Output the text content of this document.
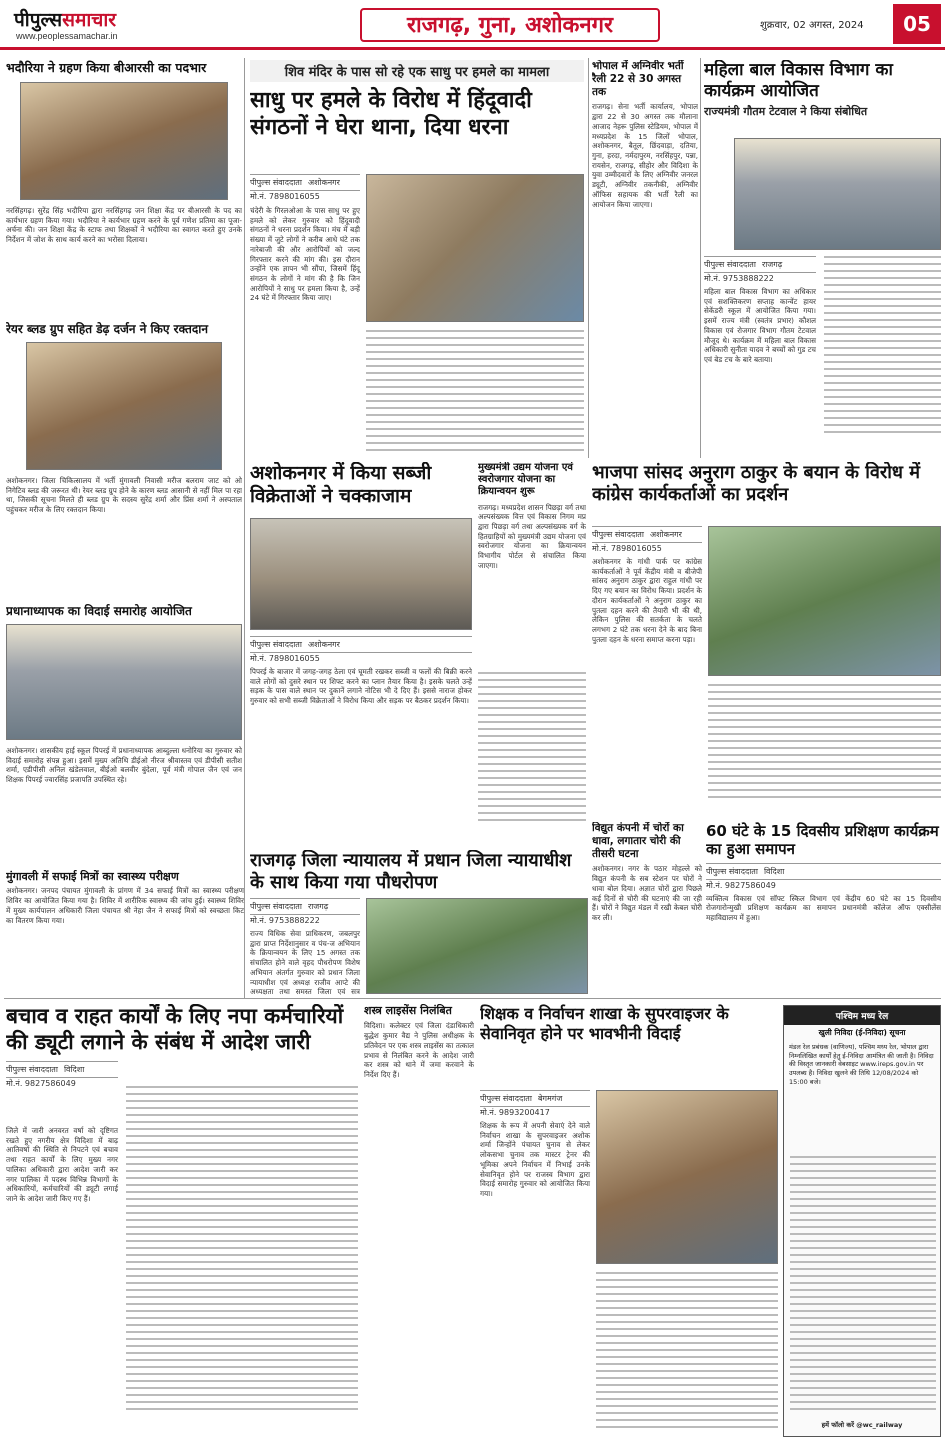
पीपुल्ससमाचार
www.peoplessamachar.in	राजगढ़, गुना, अशोकनगर	शुक्रवार, 02 अगस्त, 2024	05
भदौरिया ने ग्रहण किया बीआरसी का पदभार
नरसिंहगढ़। सुरेंद्र सिंह भदौरिया द्वारा नरसिंहगढ़ जन शिक्षा केंद्र पर बीआरसी के पद का कार्यभार ग्रहण किया गया। भदौरिया ने कार्यभार ग्रहण करने के पूर्व गणेश प्रतिमा का पूजा-अर्चना की। जन शिक्षा केंद्र के स्टाफ तथा शिक्षकों ने भदौरिया का स्वागत करते हुए उनके निर्देशन में जोश के साथ कार्य करने का भरोसा दिलाया।
शिव मंदिर के पास सो रहे एक साधु पर हमले का मामला
साधु पर हमले के विरोध में हिंदूवादी संगठनों ने घेरा थाना, दिया धरना
पीपुल्स संवाददाता अशोकनगर
मो.नं. 7898016055
चंदेरी के गिरलओआ के पास साधु पर हुए हमले को लेकर गुरुवार को हिंदूवादी संगठनों ने धरना प्रदर्शन किया। मंच में बड़ी संख्या में जुटे लोगों ने करीब आधे घंटे तक नारेबाजी की और आरोपियों को जल्द गिरफ्तार करने की मांग की। इस दौरान उन्होंने एक ज्ञापन भी सौंपा, जिसमें हिंदू संगठन के लोगों ने मांग की है कि जिन आरोपियों ने साधु पर हमला किया है, उन्हें 24 घंटे में गिरफ्तार किया जाए।
भोपाल में अग्निवीर भर्ती रैली 22 से 30 अगस्त तक
राजगढ़। सेना भर्ती कार्यालय, भोपाल द्वारा 22 से 30 अगस्त तक मौलाना आजाद नेहरू पुलिस स्टेडियम, भोपाल में मध्यप्रदेश के 15 जिलों भोपाल, अशोकनगर, बैतूल, छिंदवाड़ा, दतिया, गुना, हरदा, नर्मदापुरम, नरसिंहपुर, पन्ना, रायसेन, राजगढ़, सीहोर और विदिशा के युवा उम्मीदवारों के लिए अग्निवीर जनरल ड्यूटी, अग्निवीर तकनीकी, अग्निवीर ऑफिस सहायक की भर्ती रैली का आयोजन किया जाएगा।
महिला बाल विकास विभाग का कार्यक्रम आयोजित
राज्यमंत्री गौतम टेटवाल ने किया संबोधित
पीपुल्स संवाददाता राजगढ़
मो.नं. 9753888222
महिला बाल विकास विभाग का अधिकार एवं सशक्तिकरण सप्ताह कान्वेंट हायर सेकेंडरी स्कूल में आयोजित किया गया। इसमें राज्य मंत्री (स्वतंत्र प्रभार) कौशल विकास एवं रोजगार विभाग गौतम टेटवाल मौजूद थे। कार्यक्रम में महिला बाल विकास अधिकारी सुनीता यादव ने बच्चों को गुड टच एवं बेड टच के बारे बताया।
रेयर ब्लड ग्रुप सहित डेढ़ दर्जन ने किए रक्तदान
अशोकनगर। जिला चिकित्सालय में भर्ती मुंगावली निवासी मरीज बलराम जाट को ओ निगेटिव ब्लड की जरूरत थी। रेयर ब्लड ग्रुप होने के कारण ब्लड आसानी से नहीं मिल पा रहा था, जिसकी सूचना मिलते ही ब्लड ग्रुप के सदस्य सुरेंद्र शर्मा और प्रिंस शर्मा ने अस्पताल पहुंचकर मरीज के लिए रक्तदान किया।
अशोकनगर में किया सब्जी विक्रेताओं ने चक्काजाम
पीपुल्स संवाददाता अशोकनगर
मो.नं. 7898016055
पिपरई के बाजार में जगह-जगह ठेला एवं घूमती रखकर सब्जी व फलों की बिक्री करने वाले लोगों को दुसरे स्थान पर शिफ्ट करने का प्लान तैयार किया है। इसके चलते उन्हें सड़क के पास वाले स्थान पर दुकानें लगाने नोटिस भी दे दिए हैं। इससे नाराज होकर गुरुवार को सभी सब्जी विक्रेताओं ने विरोध किया और सड़क पर बैठकर प्रदर्शन किया।
मुख्यमंत्री उद्यम योजना एवं स्वरोजगार योजना का क्रियान्वयन शुरू
राजगढ़। मध्यप्रदेश शासन पिछड़ा वर्ग तथा अल्पसंख्यक वित्त एवं विकास निगम मप्र द्वारा पिछड़ा वर्ग तथा अल्पसंख्यक वर्ग के हितग्राहियों को मुख्यमंत्री उद्यम योजना एवं स्वरोजगार योजना का क्रियान्वयन विभागीय पोर्टल से संचालित किया जाएगा।
भाजपा सांसद अनुराग ठाकुर के बयान के विरोध में कांग्रेस कार्यकर्ताओं का प्रदर्शन
पीपुल्स संवाददाता अशोकनगर
मो.नं. 7898016055
अशोकनगर के गांधी पार्क पर कांग्रेस कार्यकर्ताओं ने पूर्व केंद्रीय मंत्री व बीजेपी सांसद अनुराग ठाकुर द्वारा राहुल गांधी पर दिए गए बयान का विरोध किया। प्रदर्शन के दौरान कार्यकर्ताओं ने अनुराग ठाकुर का पुतला दहन करने की तैयारी भी की थी, लेकिन पुलिस की सतर्कता के चलते लगभग 2 घंटे तक धरना देने के बाद बिना पुतला दहन के धरना समाप्त करना पड़ा।
प्रधानाध्यापक का विदाई समारोह आयोजित
अशोकनगर। शासकीय हाई स्कूल पिपरई में प्रधानाध्यापक आब्दुल्ला धनोरिया का गुरुवार को विदाई समारोह संपन्न हुआ। इसमें मुख्य अतिथि डीईओ नीरज श्रीवास्तव एवं डीपीसी सतीश शर्मा, एडीपीसी अनिल खंडेलवाल, बीईओ बलवीर बुंदेला, पूर्व मंत्री गोपाल जैन एवं जन शिक्षक पिपरई ज्वारसिंह प्रजापति उपस्थित रहे।
राजगढ़ जिला न्यायालय में प्रधान जिला न्यायाधीश के साथ किया गया पौधरोपण
पीपुल्स संवाददाता राजगढ़
मो.नं. 9753888222
राज्य विधिक सेवा प्राधिकरण, जबलपुर द्वारा प्राप्त निर्देशानुसार व पंच-ज अभियान के क्रियान्वयन के लिए 15 अगस्त तक संचालित होने वाले वृहद पौधरोपण विशेष अभियान अंतर्गत गुरुवार को प्रधान जिला न्यायाधीश एवं अध्यक्ष राजीव आप्टे की अध्यक्षता तथा समस्त जिला एवं सत्र
विद्युत कंपनी में चोरों का धावा, लगातार चोरी की तीसरी घटना
अशोकनगर। नगर के पठार मोहल्ले को विद्युत कंपनी के सब स्टेशन पर चोरों ने धावा बोल दिया। अज्ञात चोरों द्वारा पिछले कई दिनों से चोरी की घटनाएं की जा रही हैं। चोरों ने विद्युत मंडल में रखी केबल चोरी कर ली।
60 घंटे के 15 दिवसीय प्रशिक्षण कार्यक्रम का हुआ समापन
पीपुल्स संवाददाता विदिशा
मो.नं. 9827586049
व्यक्तित्व विकास एवं सॉफ्ट स्किल विभाग एवं केंद्रीय 60 घंटे का 15 दिवसीय रोजगारोन्मुखी प्रशिक्षण कार्यक्रम का समापन प्रधानमंत्री कॉलेज ऑफ एक्सीलेंस महाविद्यालय में हुआ।
मुंगावली में सफाई मित्रों का स्वास्थ्य परीक्षण
अशोकनगर। जनपद पंचायत मुंगावली के प्रांगण में 34 सफाई मित्रों का स्वास्थ्य परीक्षण शिविर का आयोजित किया गया है। शिविर में शारीरिक स्वास्थ्य की जांच हुई। स्वास्थ्य शिविर में मुख्य कार्यपालन अधिकारी जिला पंचायत श्री नेहा जैन ने सफाई मित्रों को स्वच्छता किट का वितरण किया गया।
बचाव व राहत कार्यों के लिए नपा कर्मचारियों की ड्यूटी लगाने के संबंध में आदेश जारी
पीपुल्स संवाददाता विदिशा
मो.नं. 9827586049
जिले में जारी अनवरत वर्षा को दृष्टिगत रखते हुए नगरीय क्षेत्र विदिशा में बाढ़ आतिवर्षा की स्थिति से निपटने एवं बचाव तथा राहत कार्यों के लिए मुख्य नगर पालिका अधिकारी द्वारा आदेश जारी कर नगर पालिका में पदस्थ विभिन्न विभागों के अधिकारियों, कर्मचारियों की ड्यूटी लगाई जाने के आदेश जारी किए गए हैं।
शस्त्र लाइसेंस निलंबित
विदिशा। कलेक्टर एवं जिला दंडाधिकारी बुद्धेश कुमार वैद्य ने पुलिस अधीक्षक के प्रतिवेदन पर एक शस्त्र लाइसेंस का तत्काल प्रभाव से निलंबित करने के आदेश जारी कर शस्त्र को थाने में जमा करवाने के निर्देश दिए हैं।
शिक्षक व निर्वाचन शाखा के सुपरवाइजर के सेवानिवृत होने पर भावभीनी विदाई
पीपुल्स संवाददाता बेगमगंज
मो.नं. 9893200417
शिक्षक के रूप में अपनी सेवाएं देने वाले निर्वाचन शाखा के सुपरवाइजर अशोक शर्मा जिन्होंने पंचायत चुनाव से लेकर लोकसभा चुनाव तक मास्टर ट्रेनर की भूमिका अपने निर्वाचन में निभाई उनके सेवानिवृत होने पर राजस्व विभाग द्वारा विदाई समारोह गुरुवार को आयोजित किया गया।
पश्चिम मध्य रेल
खुली निविदा (ई-निविदा) सूचना
मंडल रेल प्रबंधक (वाणिज्य), पश्चिम मध्य रेल, भोपाल द्वारा निम्नलिखित कार्यों हेतु ई-निविदा आमंत्रित की जाती है। निविदा की विस्तृत जानकारी वेबसाइट www.ireps.gov.in पर उपलब्ध है। निविदा खुलने की तिथि 12/08/2024 को 15:00 बजे।
हमें फॉलो करें @wc_railway
